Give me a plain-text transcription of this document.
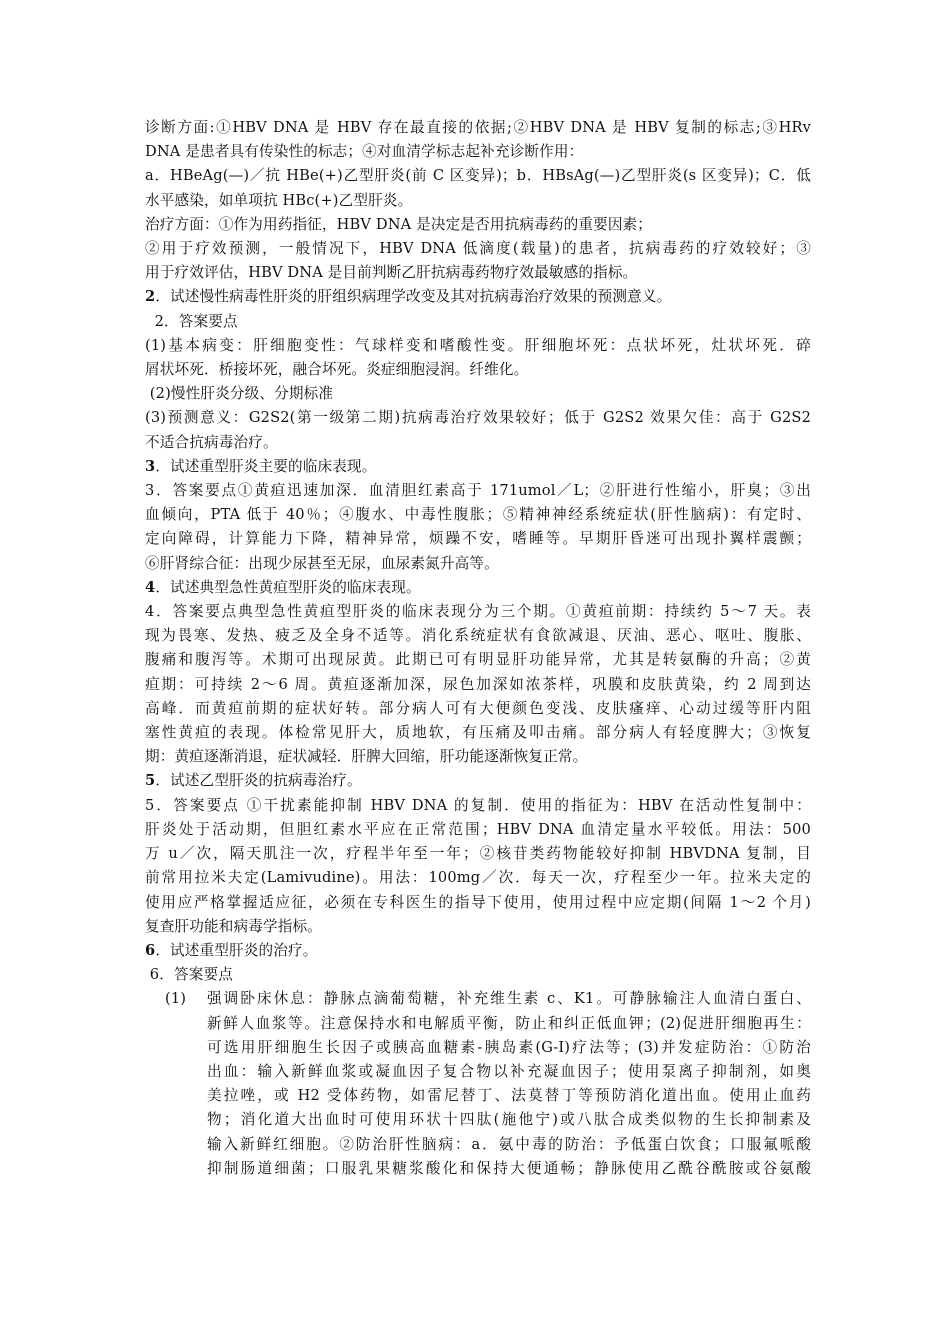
诊断方面:①HBV DNA 是 HBV 存在最直接的依据;②HBV DNA 是 HBV 复制的标志;③HRv
DNA 是患者具有传染性的标志；④对血清学标志起补充诊断作用：
a．HBeAg(—)／抗 HBe(+)乙型肝炎(前 C 区变异)；b．HBsAg(—)乙型肝炎(s 区变异)；C．低
水平感染，如单项抗 HBc(+)乙型肝炎。
治疗方面：①作为用药指征，HBV DNA 是决定是否用抗病毒药的重要因素；
②用于疗效预测，一般情况下，HBV DNA 低滴度(载量)的患者，抗病毒药的疗效较好；③
用于疗效评估，HBV DNA 是目前判断乙肝抗病毒药物疗效最敏感的指标。
2．试述慢性病毒性肝炎的肝组织病理学改变及其对抗病毒治疗效果的预测意义。
2．答案要点
(1)基本病变：肝细胞变性：气球样变和嗜酸性变。肝细胞坏死：点状坏死，灶状坏死．碎
屑状坏死．桥接坏死，融合坏死。炎症细胞浸润。纤维化。
(2)慢性肝炎分级、分期标准
(3)预测意义：G2S2(第一级第二期)抗病毒治疗效果较好；低于 G2S2 效果欠佳：高于 G2S2
不适合抗病毒治疗。
3．试述重型肝炎主要的临床表现。
3．答案要点①黄疸迅速加深．血清胆红素高于 171umol／L；②肝进行性缩小，肝臭；③出
血倾向，PTA 低于 40％；④腹水、中毒性腹胀；⑤精神神经系统症状(肝性脑病)：有定时、
定向障碍，计算能力下降，精神异常，烦躁不安，嗜睡等。早期肝昏迷可出现扑翼样震颤；
⑥肝肾综合征：出现少尿甚至无尿，血尿素氮升高等。
4．试述典型急性黄疸型肝炎的临床表现。
4．答案要点典型急性黄疸型肝炎的临床表现分为三个期。①黄疸前期：持续约 5～7 天。表
现为畏寒、发热、疲乏及全身不适等。消化系统症状有食欲减退、厌油、恶心、呕吐、腹胀、
腹痛和腹泻等。术期可出现尿黄。此期已可有明显肝功能异常，尤其是转氨酶的升高；②黄
疸期：可持续 2～6 周。黄疸逐渐加深，尿色加深如浓茶样，巩膜和皮肤黄染，约 2 周到达
高峰．而黄疸前期的症状好转。部分病人可有大便颜色变浅、皮肤瘙痒、心动过缓等肝内阻
塞性黄疸的表现。体检常见肝大，质地软，有压痛及叩击痛。部分病人有轻度脾大；③恢复
期：黄疸逐渐消退，症状减轻．肝脾大回缩，肝功能逐渐恢复正常。
5．试述乙型肝炎的抗病毒治疗。
5．答案要点 ①干扰素能抑制 HBV DNA 的复制．使用的指征为：HBV 在活动性复制中：
肝炎处于活动期，但胆红素水平应在正常范围；HBV DNA 血清定量水平较低。用法：500
万 u／次，隔天肌注一次，疗程半年至一年；②核苷类药物能较好抑制 HBVDNA 复制，目
前常用拉米夫定(Lamivudine)。用法：100mg／次．每天一次，疗程至少一年。拉米夫定的
使用应严格掌握适应征，必须在专科医生的指导下使用，使用过程中应定期(间隔 1～2 个月)
复查肝功能和病毒学指标。
6．试述重型肝炎的治疗。
6．答案要点
(1)	强调卧床休息：静脉点滴葡萄糖，补充维生素 c、K1。可静脉输注人血清白蛋白、
新鲜人血浆等。注意保持水和电解质平衡，防止和纠正低血钾；(2)促进肝细胞再生：
可选用肝细胞生长因子或胰高血糖素-胰岛素(G-I)疗法等；(3)并发症防治：①防治
出血：输入新鲜血浆或凝血因子复合物以补充凝血因子；使用泵离子抑制剂，如奥
美拉唑，或 H2 受体药物，如雷尼替丁、法莫替丁等预防消化道出血。使用止血药
物；消化道大出血时可使用环状十四肽(施他宁)或八肽合成类似物的生长抑制素及
输入新鲜红细胞。②防治肝性脑病：a．氨中毒的防治：予低蛋白饮食；口服氟哌酸
抑制肠道细菌；口服乳果糖浆酸化和保持大便通畅；静脉使用乙酰谷酰胺或谷氨酸
